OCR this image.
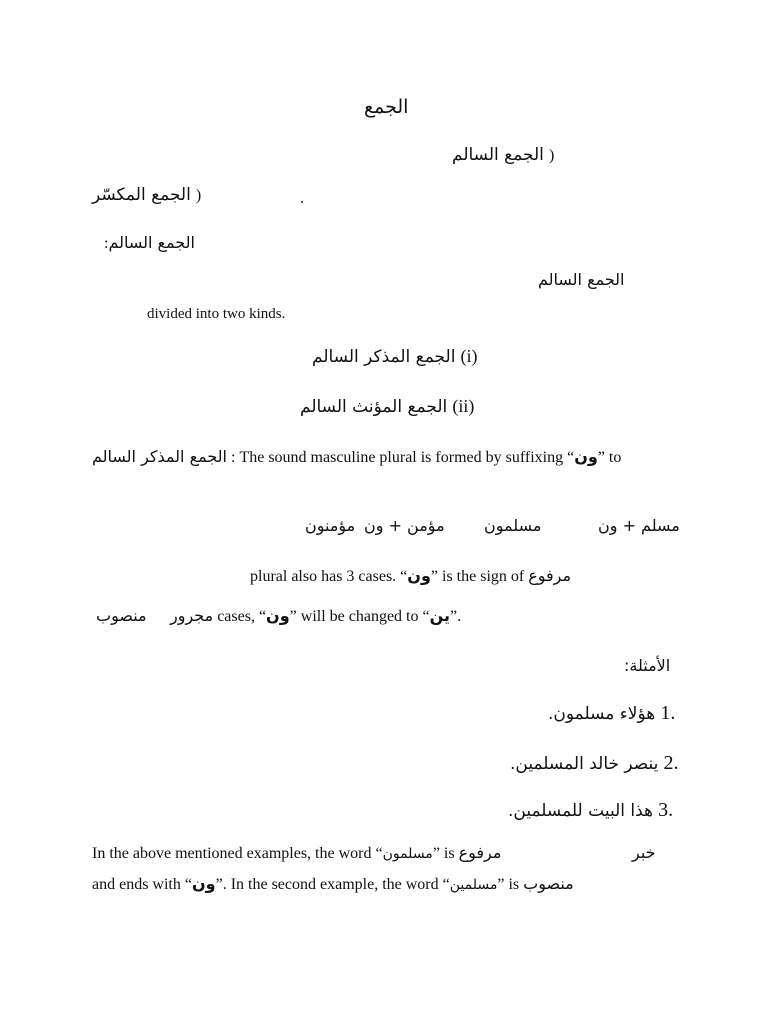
الجمع
الجمع السالم )
الجمع المكسّر )	.
:الجمع السالم
الجمع السالم
divided into two kinds.
الجمع المذكر السالم (i)
الجمع المؤنث السالم (ii)
الجمع المذكر السالم : The sound masculine plural is formed by suffixing “ون” to
مسلم + ون
مسلمون
مؤمن + ون
مؤمنون
plural also has 3 cases. “ون” is the sign of مرفوع
منصوب مجرور cases, “ون” will be changed to “ين”.
الأمثلة:
هؤلاء مسلمون. 1.
ينصر خالد المسلمين. 2.
هذا البيت للمسلمين. 3.
In the above mentioned examples, the word “مسلمون” is مرفوع	خبر
and ends with “ون”. In the second example, the word “مسلمين” is منصوب
